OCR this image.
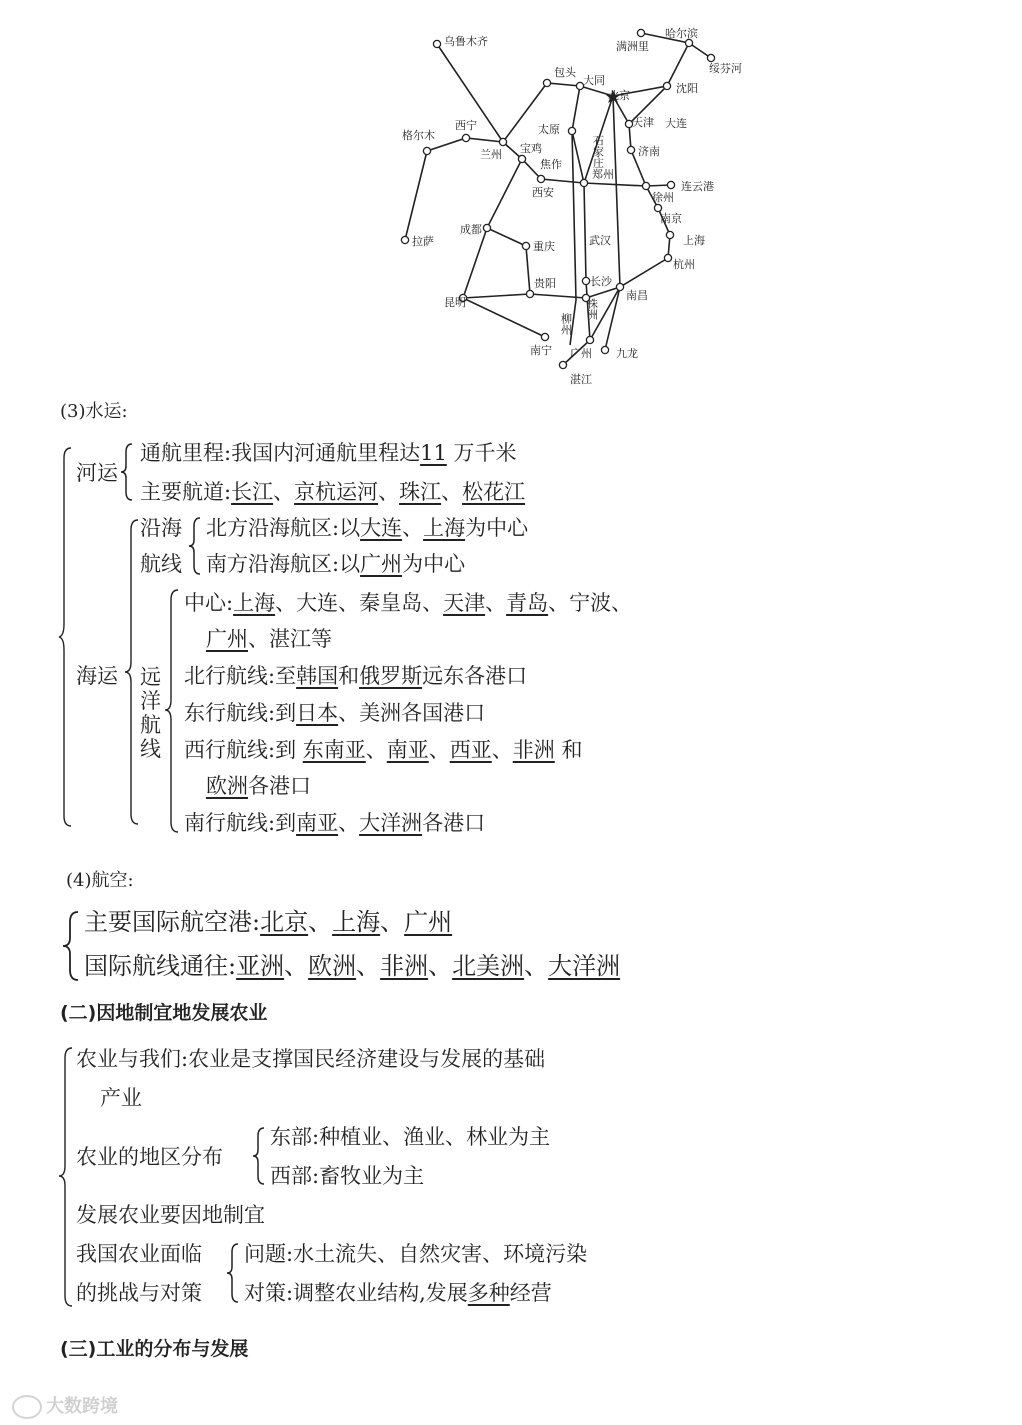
乌鲁木齐
哈尔滨
满洲里
绥芬河
包头
大同
北京
沈阳
西宁
格尔木
兰州
太原
天津 大连
宝鸡
焦作
济南
郑州
西安	连云港
徐州
南京
拉萨
成都
重庆	武汉	上海
杭州
贵阳	长沙
昆明
南昌
南宁 广州 九龙
湛江
石家庄
柳州
株洲
(3)水运:
河运
通航里程:我国内河通航里程达11 万千米
主要航道:长江、京杭运河、珠江、松花江
海运
沿海
航线
北方沿海航区:以大连、上海为中心
南方沿海航区:以广州为中心
远
洋
航
线
中心:上海、大连、秦皇岛、天津、青岛、宁波、
广州、湛江等
北行航线:至韩国和俄罗斯远东各港口
东行航线:到日本、美洲各国港口
西行航线:到 东南亚、南亚、西亚、非洲 和
欧洲各港口
南行航线:到南亚、大洋洲各港口
(4)航空:
主要国际航空港:北京、上海、广州
国际航线通往:亚洲、欧洲、非洲、北美洲、大洋洲
(二)因地制宜地发展农业
农业与我们:农业是支撑国民经济建设与发展的基础
产业
农业的地区分布
东部:种植业、渔业、林业为主
西部:畜牧业为主
发展农业要因地制宜
我国农业面临
的挑战与对策
问题:水土流失、自然灾害、环境污染
对策:调整农业结构,发展多种经营
(三)工业的分布与发展
大数跨境
